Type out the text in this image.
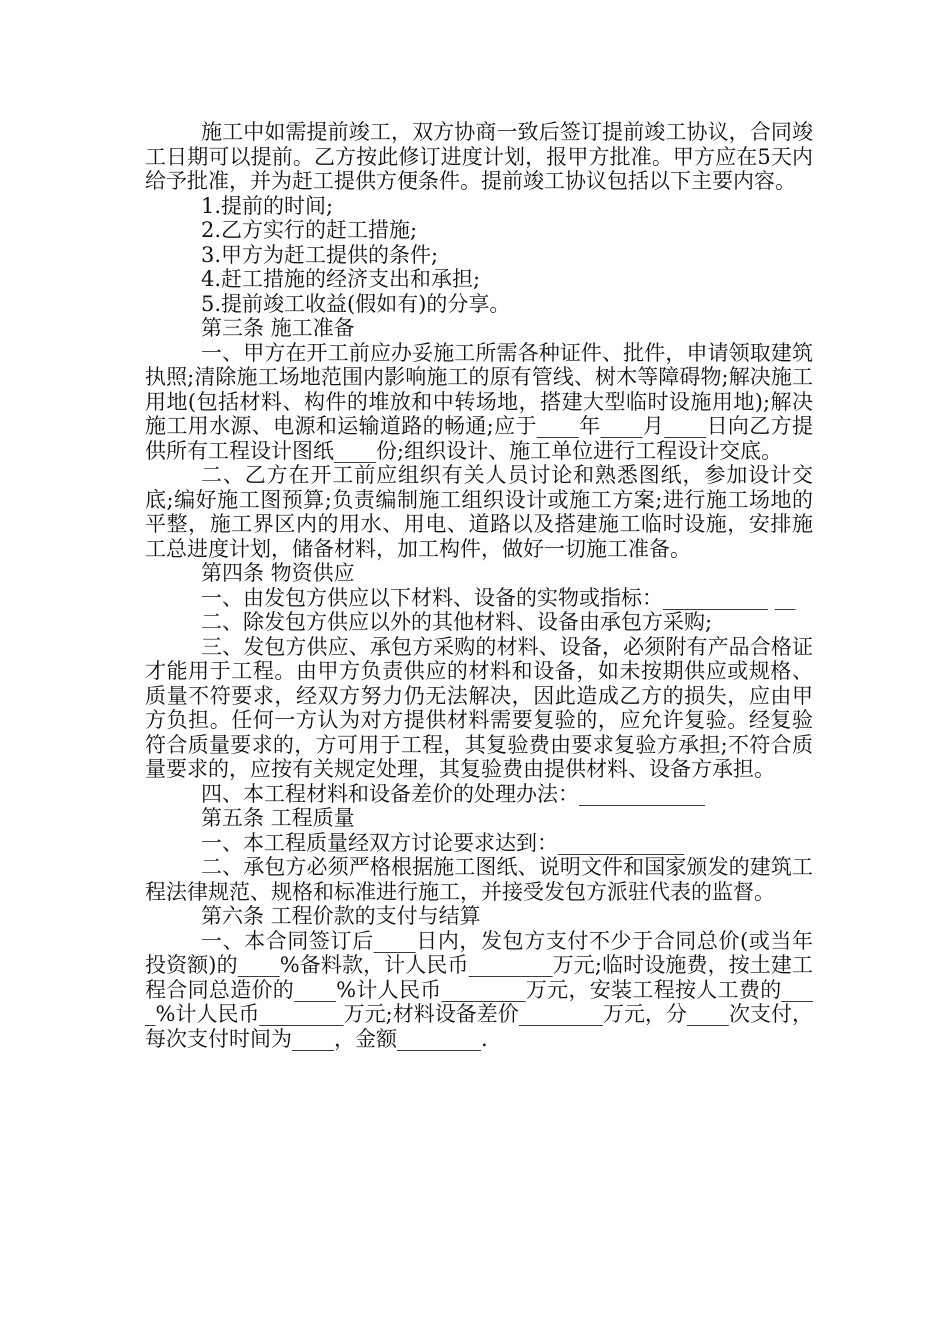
施工中如需提前竣工，双方协商一致后签订提前竣工协议，合同竣工日期可以提前。乙方按此修订进度计划，报甲方批准。甲方应在5天内给予批准，并为赶工提供方便条件。提前竣工协议包括以下主要内容。

1.提前的时间;

2.乙方实行的赶工措施;

3.甲方为赶工提供的条件;

4.赶工措施的经济支出和承担;

5.提前竣工收益(假如有)的分享。

第三条 施工准备

一、甲方在开工前应办妥施工所需各种证件、批件，申请领取建筑执照;清除施工场地范围内影响施工的原有管线、树木等障碍物;解决施工用地(包括材料、构件的堆放和中转场地，搭建大型临时设施用地);解决施工用水源、电源和运输道路的畅通;应于____年____月____日向乙方提供所有工程设计图纸____份;组织设计、施工单位进行工程设计交底。

二、乙方在开工前应组织有关人员讨论和熟悉图纸，参加设计交底;编好施工图预算;负责编制施工组织设计或施工方案;进行施工场地的平整，施工界区内的用水、用电、道路以及搭建施工临时设施，安排施工总进度计划，储备材料，加工构件，做好一切施工准备。

第四条 物资供应

一、由发包方供应以下材料、设备的实物或指标：__________ __

二、除发包方供应以外的其他材料、设备由承包方采购;

三、发包方供应、承包方采购的材料、设备，必须附有产品合格证才能用于工程。由甲方负责供应的材料和设备，如未按期供应或规格、质量不符要求，经双方努力仍无法解决，因此造成乙方的损失，应由甲方负担。任何一方认为对方提供材料需要复验的，应允许复验。经复验符合质量要求的，方可用于工程，其复验费由要求复验方承担;不符合质量要求的，应按有关规定处理，其复验费由提供材料、设备方承担。

四、本工程材料和设备差价的处理办法：____________

第五条 工程质量

一、本工程质量经双方讨论要求达到：____________

二、承包方必须严格根据施工图纸、说明文件和国家颁发的建筑工程法律规范、规格和标准进行施工，并接受发包方派驻代表的监督。

第六条 工程价款的支付与结算

一、本合同签订后____日内，发包方支付不少于合同总价(或当年投资额)的____%备料款，计人民币________万元;临时设施费，按土建工程合同总造价的____%计人民币________万元，安装工程按人工费的____%计人民币________万元;材料设备差价________万元，分____次支付，每次支付时间为____，金额________.
